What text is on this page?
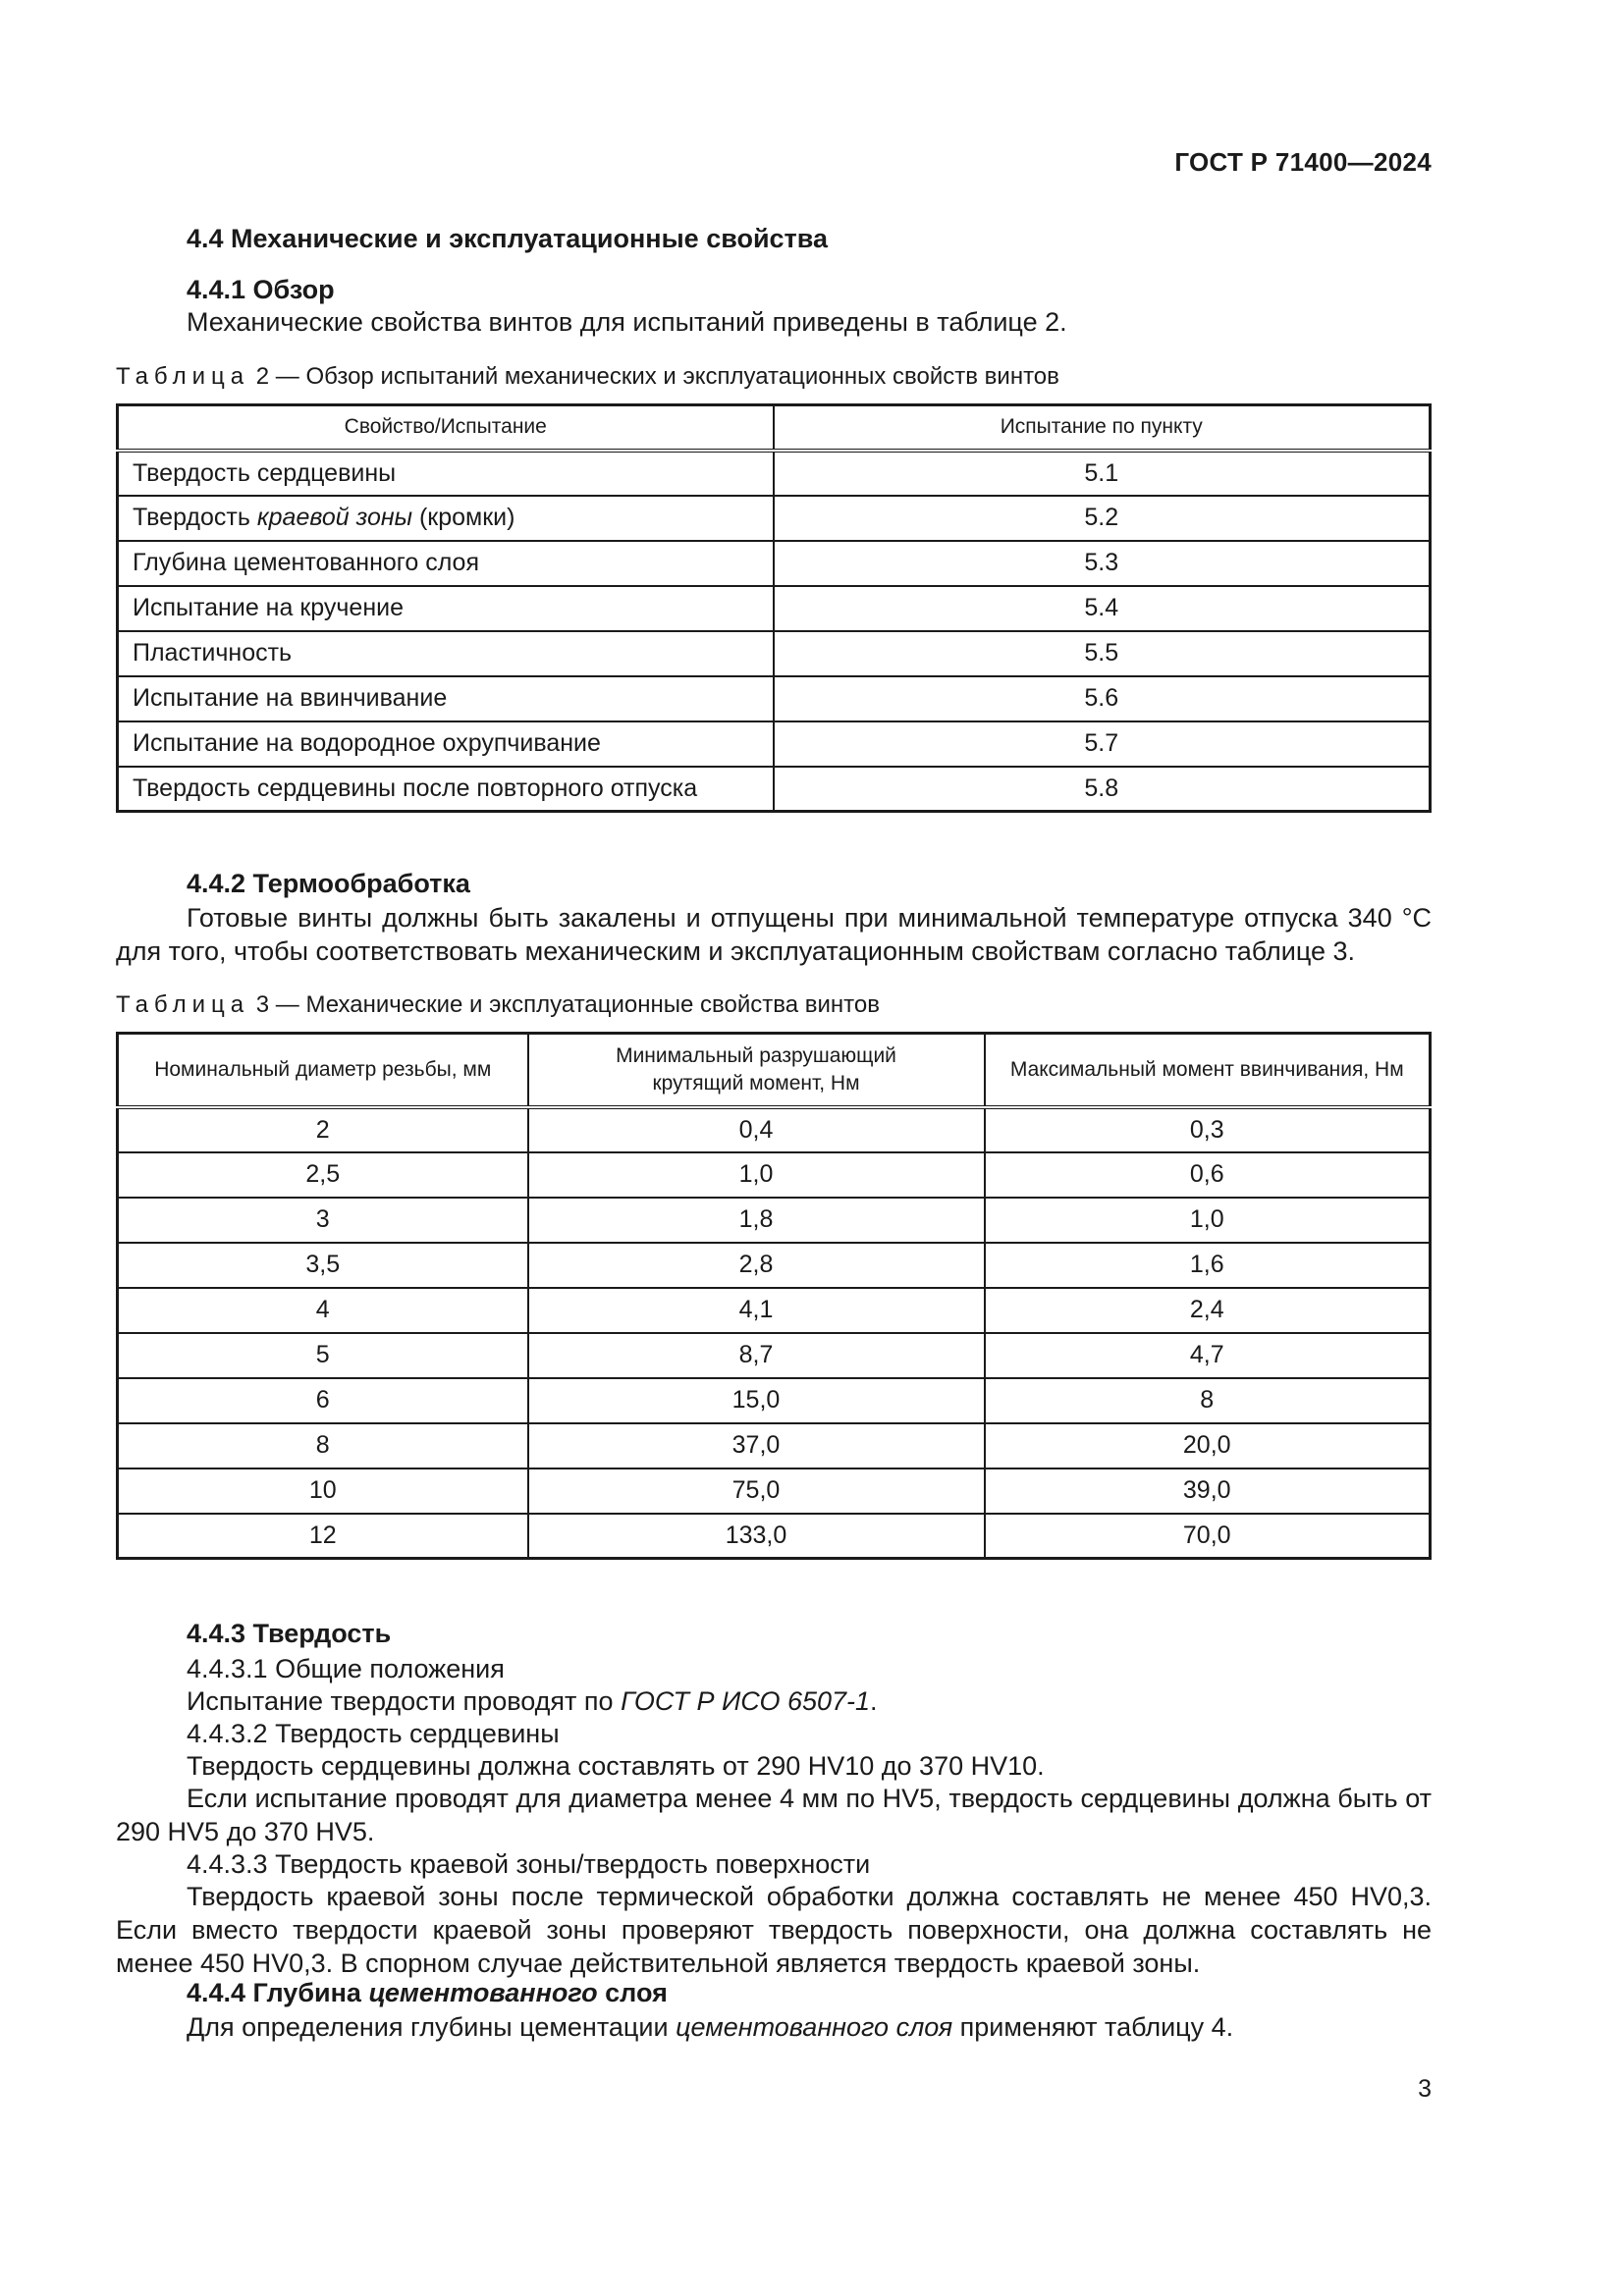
ГОСТ Р 71400—2024
4.4 Механические и эксплуатационные свойства
4.4.1 Обзор
Механические свойства винтов для испытаний приведены в таблице 2.
Таблица 2 — Обзор испытаний механических и эксплуатационных свойств винтов
Свойство/Испытание	Испытание по пункту
Твердость сердцевины	5.1
Твердость краевой зоны (кромки)	5.2
Глубина цементованного слоя	5.3
Испытание на кручение	5.4
Пластичность	5.5
Испытание на ввинчивание	5.6
Испытание на водородное охрупчивание	5.7
Твердость сердцевины после повторного отпуска	5.8
4.4.2 Термообработка
Готовые винты должны быть закалены и отпущены при минимальной температуре отпуска 340 °С для того, чтобы соответствовать механическим и эксплуатационным свойствам согласно таблице 3.
Таблица 3 — Механические и эксплуатационные свойства винтов
Номинальный диаметр резьбы, мм	Минимальный разрушающий крутящий момент, Нм	Максимальный момент ввинчивания, Нм
2	0,4	0,3
2,5	1,0	0,6
3	1,8	1,0
3,5	2,8	1,6
4	4,1	2,4
5	8,7	4,7
6	15,0	8
8	37,0	20,0
10	75,0	39,0
12	133,0	70,0
4.4.3 Твердость
4.4.3.1 Общие положения
Испытание твердости проводят по ГОСТ Р ИСО 6507-1.
4.4.3.2 Твердость сердцевины
Твердость сердцевины должна составлять от 290 HV10 до 370 HV10.
Если испытание проводят для диаметра менее 4 мм по HV5, твердость сердцевины должна быть от 290 HV5 до 370 HV5.
4.4.3.3 Твердость краевой зоны/твердость поверхности
Твердость краевой зоны после термической обработки должна составлять не менее 450 HV0,3. Если вместо твердости краевой зоны проверяют твердость поверхности, она должна составлять не менее 450 HV0,3. В спорном случае действительной является твердость краевой зоны.
4.4.4 Глубина цементованного слоя
Для определения глубины цементации цементованного слоя применяют таблицу 4.
3
